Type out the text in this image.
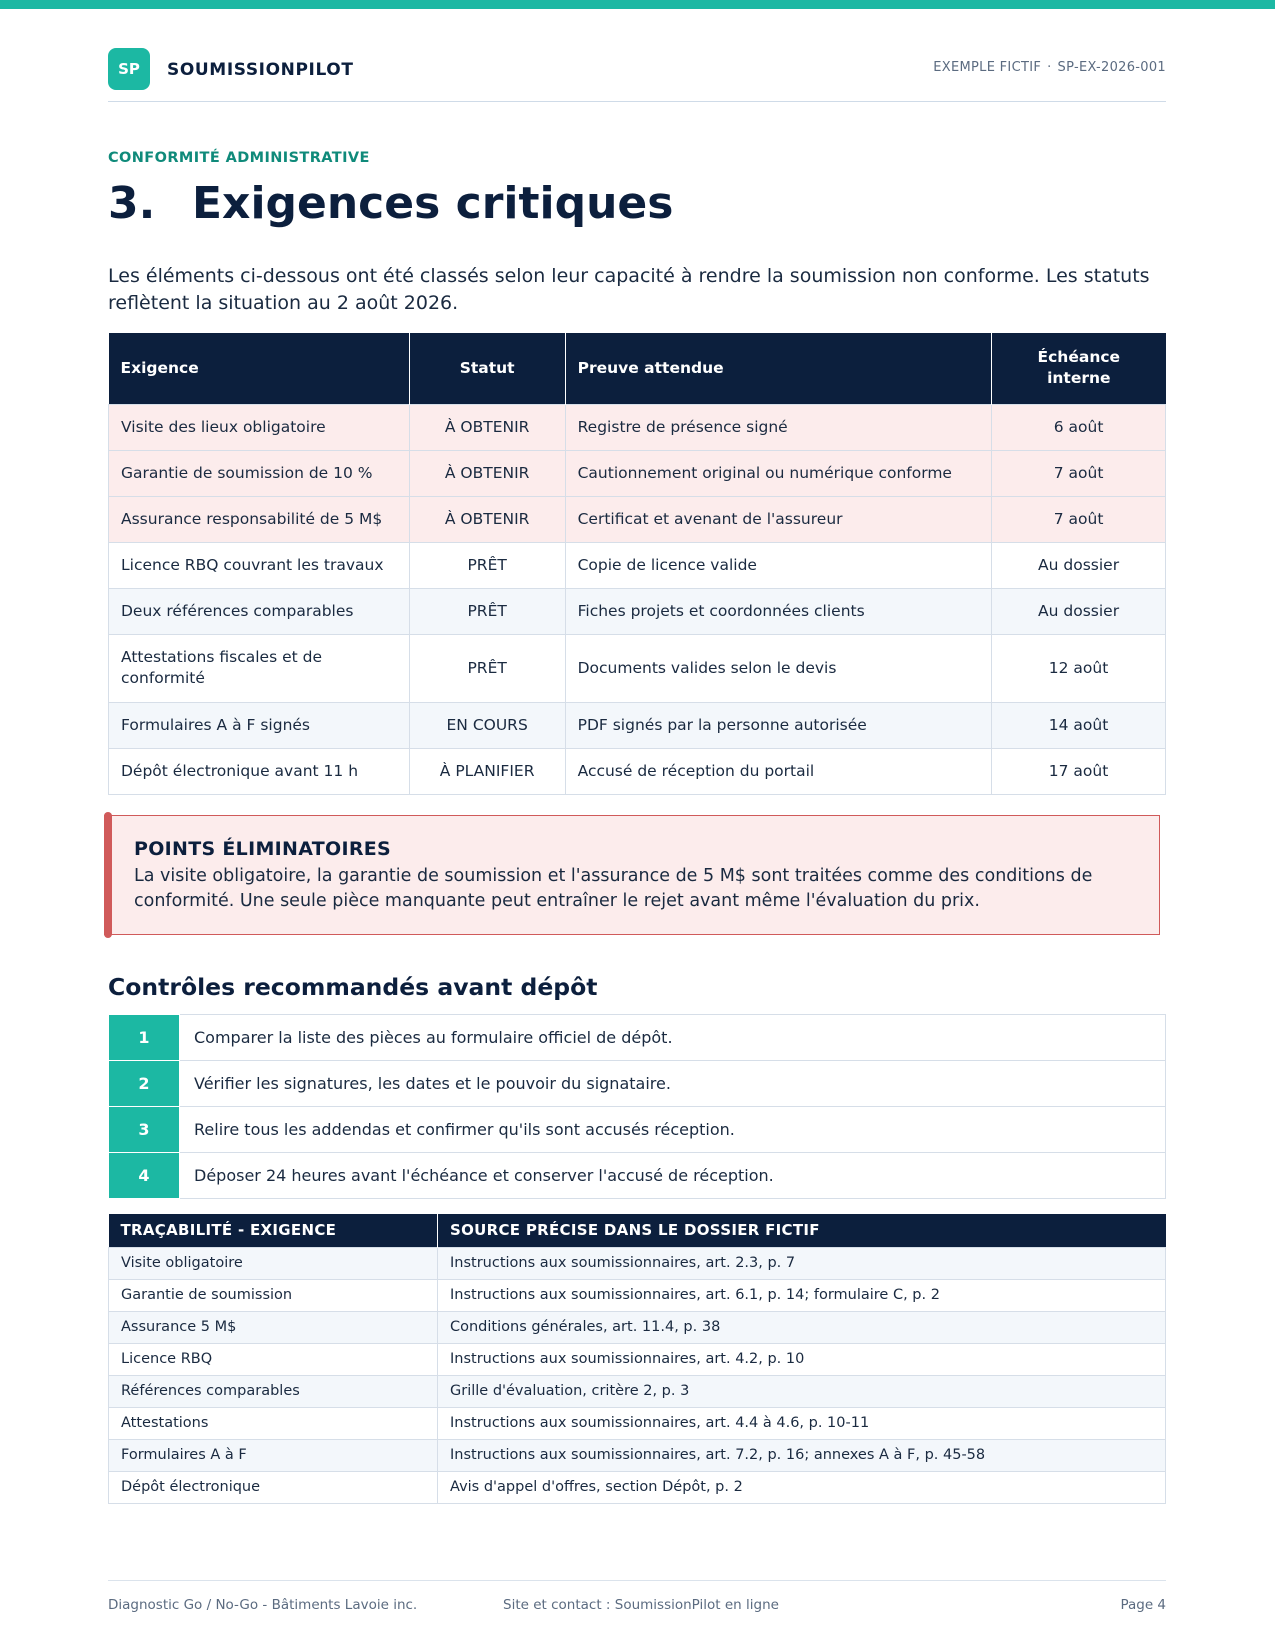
SP	SOUMISSIONPILOT	EXEMPLE FICTIF · SP-EX-2026-001
CONFORMITÉ ADMINISTRATIVE
3. Exigences critiques

Les éléments ci-dessous ont été classés selon leur capacité à rendre la soumission non conforme. Les statuts reflètent la situation au 2 août 2026.

Exigence	Statut	Preuve attendue	Échéance interne
Visite des lieux obligatoire	À OBTENIR	Registre de présence signé	6 août
Garantie de soumission de 10 %	À OBTENIR	Cautionnement original ou numérique conforme	7 août
Assurance responsabilité de 5 M$	À OBTENIR	Certificat et avenant de l'assureur	7 août
Licence RBQ couvrant les travaux	PRÊT	Copie de licence valide	Au dossier
Deux références comparables	PRÊT	Fiches projets et coordonnées clients	Au dossier
Attestations fiscales et de conformité	PRÊT	Documents valides selon le devis	12 août
Formulaires A à F signés	EN COURS	PDF signés par la personne autorisée	14 août
Dépôt électronique avant 11 h	À PLANIFIER	Accusé de réception du portail	17 août
POINTS ÉLIMINATOIRES
La visite obligatoire, la garantie de soumission et l'assurance de 5 M$ sont traitées comme des conditions de conformité. Une seule pièce manquante peut entraîner le rejet avant même l'évaluation du prix.
Contrôles recommandés avant dépôt
1	Comparer la liste des pièces au formulaire officiel de dépôt.
2	Vérifier les signatures, les dates et le pouvoir du signataire.
3	Relire tous les addendas et confirmer qu'ils sont accusés réception.
4	Déposer 24 heures avant l'échéance et conserver l'accusé de réception.
TRAÇABILITÉ - EXIGENCE	SOURCE PRÉCISE DANS LE DOSSIER FICTIF
Visite obligatoire	Instructions aux soumissionnaires, art. 2.3, p. 7
Garantie de soumission	Instructions aux soumissionnaires, art. 6.1, p. 14; formulaire C, p. 2
Assurance 5 M$	Conditions générales, art. 11.4, p. 38
Licence RBQ	Instructions aux soumissionnaires, art. 4.2, p. 10
Références comparables	Grille d'évaluation, critère 2, p. 3
Attestations	Instructions aux soumissionnaires, art. 4.4 à 4.6, p. 10-11
Formulaires A à F	Instructions aux soumissionnaires, art. 7.2, p. 16; annexes A à F, p. 45-58
Dépôt électronique	Avis d'appel d'offres, section Dépôt, p. 2
Diagnostic Go / No-Go - Bâtiments Lavoie inc.	Site et contact : SoumissionPilot en ligne	Page 4
